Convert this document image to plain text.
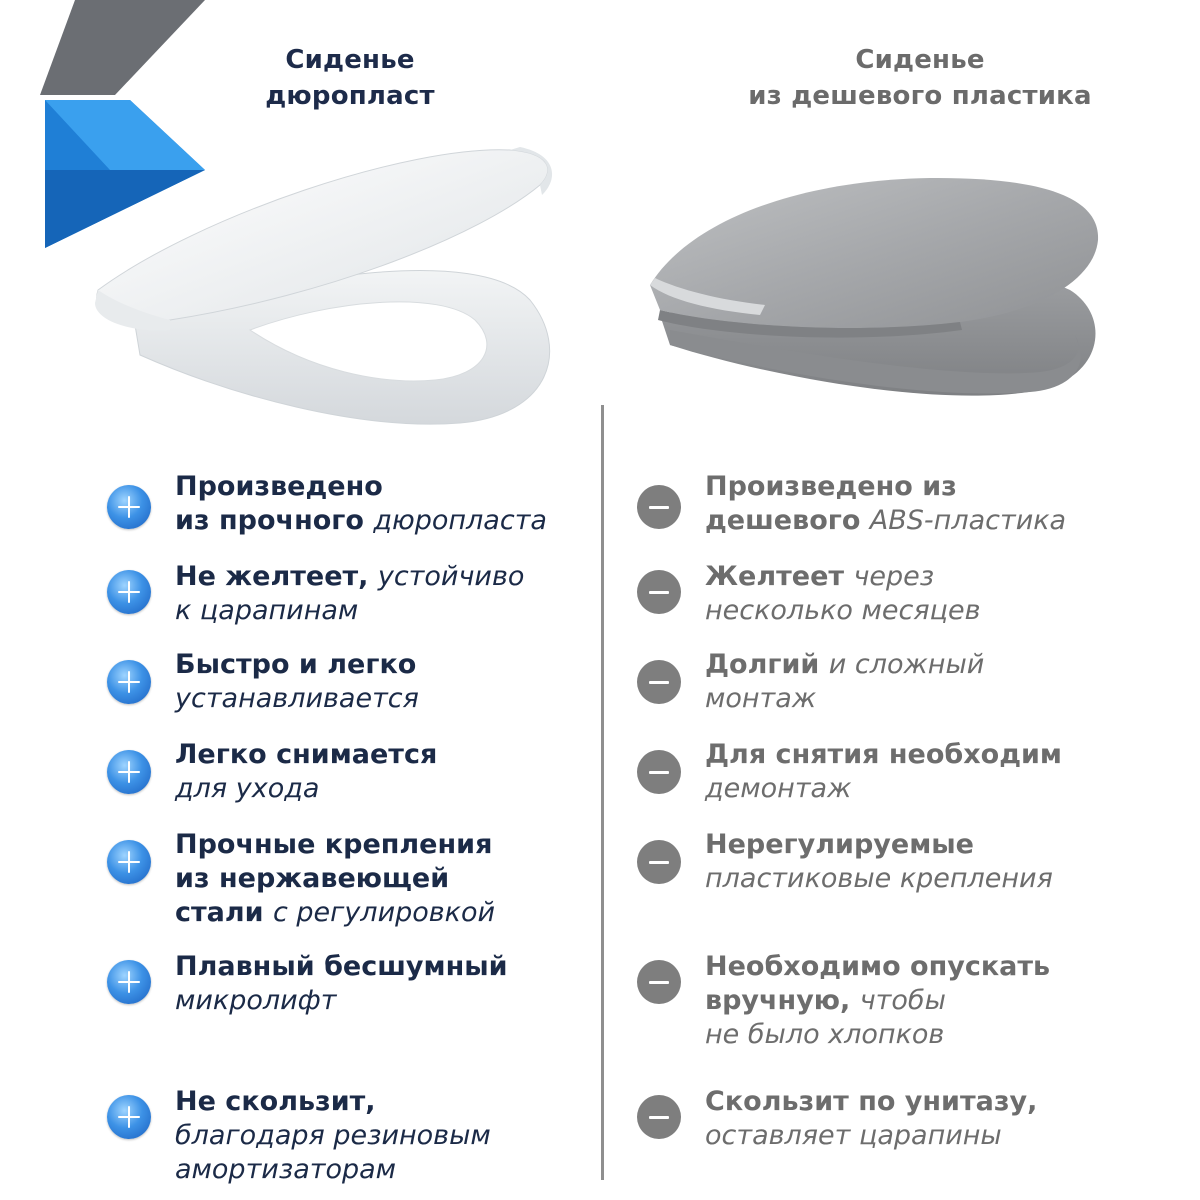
Сиденье
дюропласт
Сиденье
из дешевого пластика
Произведено
из прочного дюропласта
Не желтеет, устойчиво
к царапинам
Быстро и легко
устанавливается
Легко снимается
для ухода
Прочные крепления
из нержавеющей
стали с регулировкой
Плавный бесшумный
микролифт
Не скользит,
благодаря резиновым
амортизаторам
Произведено из
дешевого ABS-пластика
Желтеет через
несколько месяцев
Долгий и сложный
монтаж
Для снятия необходим
демонтаж
Нерегулируемые
пластиковые крепления
Необходимо опускать
вручную, чтобы
не было хлопков
Скользит по унитазу,
оставляет царапины
